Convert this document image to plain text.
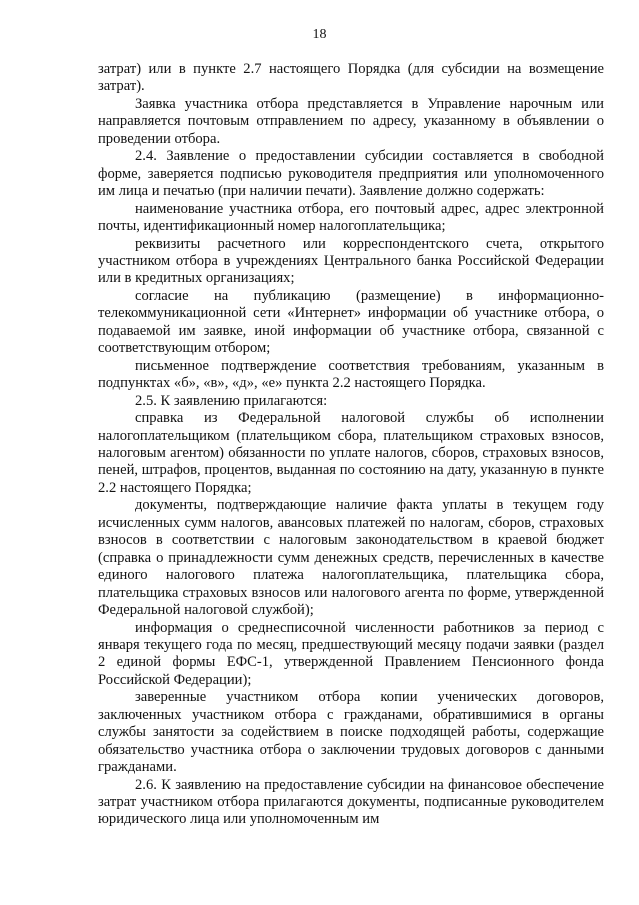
18

затрат) или в пункте 2.7 настоящего Порядка (для субсидии на возмещение затрат).

Заявка участника отбора представляется в Управление нарочным или направляется почтовым отправлением по адресу, указанному в объявлении о проведении отбора.

2.4. Заявление о предоставлении субсидии составляется в свободной форме, заверяется подписью руководителя предприятия или уполномоченного им лица и печатью (при наличии печати). Заявление должно содержать:

наименование участника отбора, его почтовый адрес, адрес электронной почты, идентификационный номер налогоплательщика;

реквизиты расчетного или корреспондентского счета, открытого участником отбора в учреждениях Центрального банка Российской Федерации или в кредитных организациях;

согласие на публикацию (размещение) в информационно-телекоммуникационной сети «Интернет» информации об участнике отбора, о подаваемой им заявке, иной информации об участнике отбора, связанной с соответствующим отбором;

письменное подтверждение соответствия требованиям, указанным в подпунктах «б», «в», «д», «е» пункта 2.2 настоящего Порядка.

2.5. К заявлению прилагаются:

справка из Федеральной налоговой службы об исполнении налогоплательщиком (плательщиком сбора, плательщиком страховых взносов, налоговым агентом) обязанности по уплате налогов, сборов, страховых взносов, пеней, штрафов, процентов, выданная по состоянию на дату, указанную в пункте 2.2 настоящего Порядка;

документы, подтверждающие наличие факта уплаты в текущем году исчисленных сумм налогов, авансовых платежей по налогам, сборов, страховых взносов в соответствии с налоговым законодательством в краевой бюджет (справка о принадлежности сумм денежных средств, перечисленных в качестве единого налогового платежа налогоплательщика, плательщика сбора, плательщика страховых взносов или налогового агента по форме, утвержденной Федеральной налоговой службой);

информация о среднесписочной численности работников за период с января текущего года по месяц, предшествующий месяцу подачи заявки (раздел 2 единой формы ЕФС-1, утвержденной Правлением Пенсионного фонда Российской Федерации);

заверенные участником отбора копии ученических договоров, заключенных участником отбора с гражданами, обратившимися в органы службы занятости за содействием в поиске подходящей работы, содержащие обязательство участника отбора о заключении трудовых договоров с данными гражданами.

2.6. К заявлению на предоставление субсидии на финансовое обеспечение затрат участником отбора прилагаются документы, подписанные руководителем юридического лица или уполномоченным им
